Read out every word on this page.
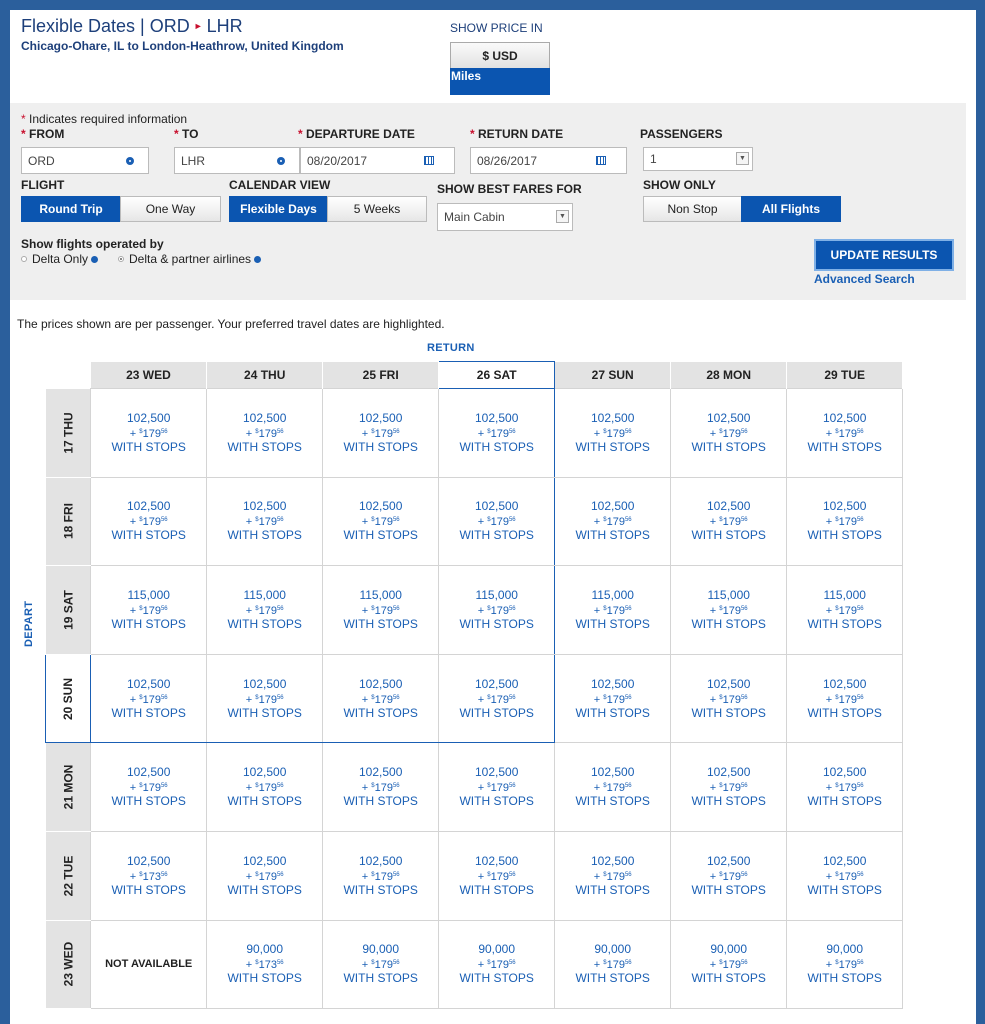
Flexible Dates | ORD ► LHR
Chicago-Ohare, IL to London-Heathrow, United Kingdom
SHOW PRICE IN
$ USD
Miles
* Indicates required information
* FROM
ORD
* TO
LHR
* DEPARTURE DATE
08/20/2017
* RETURN DATE
08/26/2017
PASSENGERS
1	▼
FLIGHT
Round Trip	One Way
CALENDAR VIEW
Flexible Days	5 Weeks
SHOW BEST FARES FOR
Main Cabin	▼
SHOW ONLY
Non Stop	All Flights
Show flights operated by
Delta Only	Delta & partner airlines	UPDATE RESULTS
Advanced Search
The prices shown are per passenger. Your preferred travel dates are highlighted.
RETURN
DEPART
	23 WED	24 THU	25 FRI	26 SAT	27 SUN	28 MON	29 TUE

17 THU	102,500
+ $^{\$}179^{56}$
WITH STOPS	102,500
+ $^{\$}179^{56}$
WITH STOPS	102,500
+ $^{\$}179^{56}$
WITH STOPS	102,500
+ $^{\$}179^{56}$
WITH STOPS	102,500
+ $^{\$}179^{56}$
WITH STOPS	102,500
+ $^{\$}179^{56}$
WITH STOPS	102,500
+ $^{\$}179^{56}$
WITH STOPS

18 FRI	102,500
+ $^{\$}179^{56}$
WITH STOPS	102,500
+ $^{\$}179^{56}$
WITH STOPS	102,500
+ $^{\$}179^{56}$
WITH STOPS	102,500
+ $^{\$}179^{56}$
WITH STOPS	102,500
+ $^{\$}179^{56}$
WITH STOPS	102,500
+ $^{\$}179^{56}$
WITH STOPS	102,500
+ $^{\$}179^{56}$
WITH STOPS

19 SAT	115,000
+ $^{\$}179^{56}$
WITH STOPS	115,000
+ $^{\$}179^{56}$
WITH STOPS	115,000
+ $^{\$}179^{56}$
WITH STOPS	115,000
+ $^{\$}179^{56}$
WITH STOPS	115,000
+ $^{\$}179^{56}$
WITH STOPS	115,000
+ $^{\$}179^{56}$
WITH STOPS	115,000
+ $^{\$}179^{56}$
WITH STOPS

20 SUN	102,500
+ $^{\$}179^{56}$
WITH STOPS	102,500
+ $^{\$}179^{56}$
WITH STOPS	102,500
+ $^{\$}179^{56}$
WITH STOPS	102,500
+ $^{\$}179^{56}$
WITH STOPS	102,500
+ $^{\$}179^{56}$
WITH STOPS	102,500
+ $^{\$}179^{56}$
WITH STOPS	102,500
+ $^{\$}179^{56}$
WITH STOPS

21 MON	102,500
+ $^{\$}179^{56}$
WITH STOPS	102,500
+ $^{\$}179^{56}$
WITH STOPS	102,500
+ $^{\$}179^{56}$
WITH STOPS	102,500
+ $^{\$}179^{56}$
WITH STOPS	102,500
+ $^{\$}179^{56}$
WITH STOPS	102,500
+ $^{\$}179^{56}$
WITH STOPS	102,500
+ $^{\$}179^{56}$
WITH STOPS

22 TUE	102,500
+ $^{\$}173^{56}$
WITH STOPS	102,500
+ $^{\$}179^{56}$
WITH STOPS	102,500
+ $^{\$}179^{56}$
WITH STOPS	102,500
+ $^{\$}179^{56}$
WITH STOPS	102,500
+ $^{\$}179^{56}$
WITH STOPS	102,500
+ $^{\$}179^{56}$
WITH STOPS	102,500
+ $^{\$}179^{56}$
WITH STOPS

23 WED	NOT AVAILABLE	90,000
+ $^{\$}173^{56}$
WITH STOPS	90,000
+ $^{\$}179^{56}$
WITH STOPS	90,000
+ $^{\$}179^{56}$
WITH STOPS	90,000
+ $^{\$}179^{56}$
WITH STOPS	90,000
+ $^{\$}179^{56}$
WITH STOPS	90,000
+ $^{\$}179^{56}$
WITH STOPS
